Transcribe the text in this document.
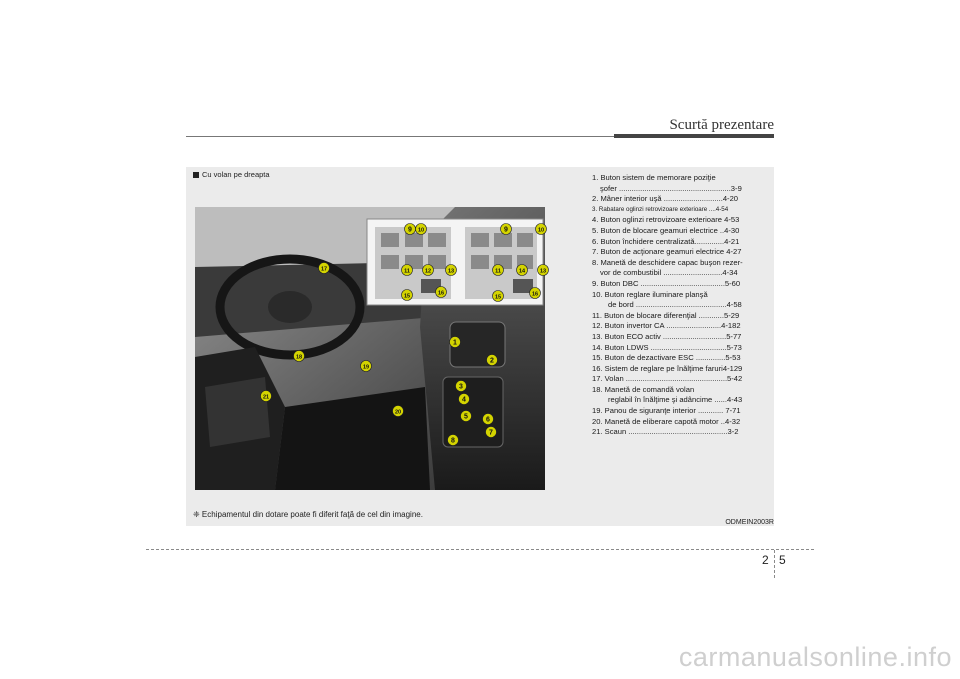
Scurtă prezentare
Cu volan pe dreapta
1
2
3
4
5	6
7
8
9 10
11	12	13
15	16
9	10
11	14	13
15	16
17
18
19
20
21
1. Buton sistem de memorare poziţie
şofer .....................................................3-9
2. Mâner interior uşă ............................4-20
3. Rabatare oglinzi retrovizoare exterioare ....4-54
4. Buton oglinzi retrovizoare exterioare 4-53
5. Buton de blocare geamuri electrice ..4-30
6. Buton închidere centralizată..............4-21
7. Buton de acţionare geamuri electrice 4-27
8. Manetă de deschidere capac buşon rezer-
vor de combustibil ............................4-34
9. Buton DBC ........................................5-60
10. Buton reglare iluminare planşă
de bord ...........................................4-58
11. Buton de blocare diferenţial ............5-29
12. Buton invertor CA ..........................4-182
13. Buton ECO activ ..............................5-77
14. Buton LDWS ....................................5-73
15. Buton de dezactivare ESC ..............5-53
16. Sistem de reglare pe înălţime faruri4-129
17. Volan ................................................5-42
18. Manetă de comandă volan
reglabil în înălţime şi adâncime ......4-43
19. Panou de siguranţe interior ............ 7-71
20. Manetă de eliberare capotă motor ..4-32
21. Scaun ...............................................3-2
❈ Echipamentul din dotare poate fi diferit faţă de cel din imagine.
ODMEIN2003R
2 5
carmanualsonline.info
